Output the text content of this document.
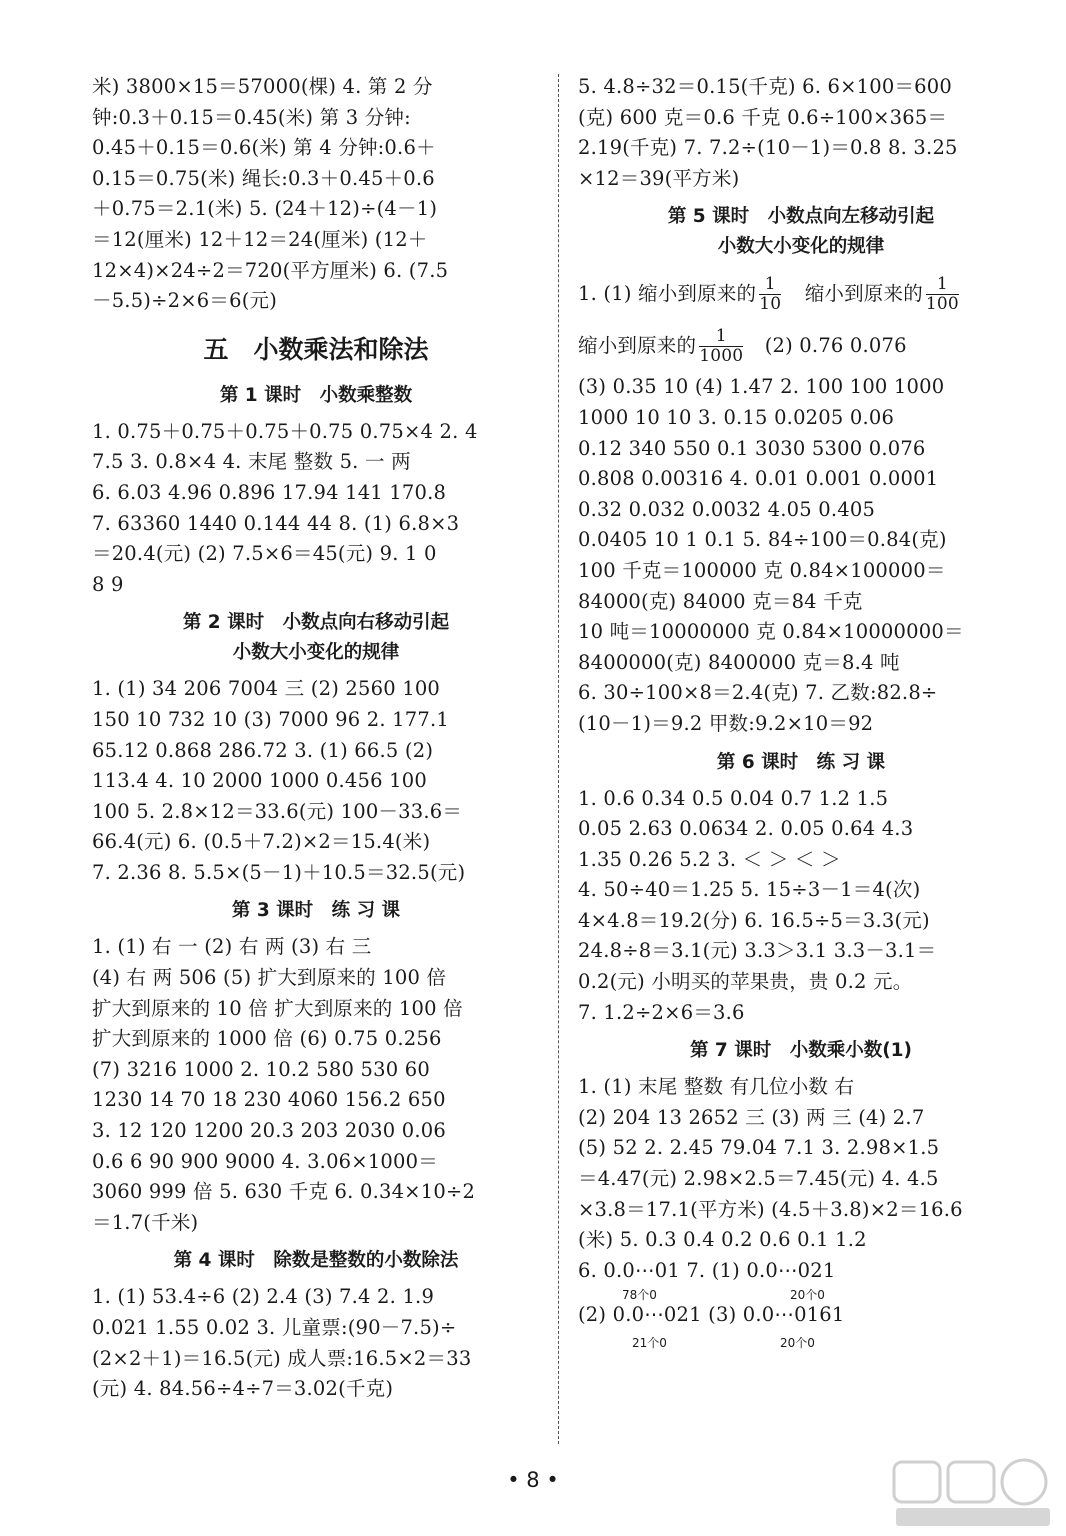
米) 3800×15＝57000(棵) 4. 第 2 分
钟:0.3＋0.15＝0.45(米) 第 3 分钟:
0.45＋0.15＝0.6(米) 第 4 分钟:0.6＋
0.15＝0.75(米) 绳长:0.3＋0.45＋0.6
＋0.75＝2.1(米) 5. (24＋12)÷(4－1)
＝12(厘米) 12＋12＝24(厘米) (12＋
12×4)×24÷2＝720(平方厘米) 6. (7.5
－5.5)÷2×6＝6(元)
五　小数乘法和除法
第 1 课时　小数乘整数
1. 0.75＋0.75＋0.75＋0.75 0.75×4 2. 4
7.5 3. 0.8×4 4. 末尾 整数 5. 一 两
6. 6.03 4.96 0.896 17.94 141 170.8
7. 63360 1440 0.144 44 8. (1) 6.8×3
＝20.4(元) (2) 7.5×6＝45(元) 9. 1 0
8 9
第 2 课时　小数点向右移动引起
小数大小变化的规律
1. (1) 34 206 7004 三 (2) 2560 100
150 10 732 10 (3) 7000 96 2. 177.1
65.12 0.868 286.72 3. (1) 66.5 (2)
113.4 4. 10 2000 1000 0.456 100
100 5. 2.8×12＝33.6(元) 100－33.6＝
66.4(元) 6. (0.5＋7.2)×2＝15.4(米)
7. 2.36 8. 5.5×(5－1)＋10.5＝32.5(元)
第 3 课时　练 习 课
1. (1) 右 一 (2) 右 两 (3) 右 三
(4) 右 两 506 (5) 扩大到原来的 100 倍
扩大到原来的 10 倍 扩大到原来的 100 倍
扩大到原来的 1000 倍 (6) 0.75 0.256
(7) 3216 1000 2. 10.2 580 530 60
1230 14 70 18 230 4060 156.2 650
3. 12 120 1200 20.3 203 2030 0.06
0.6 6 90 900 9000 4. 3.06×1000＝
3060 999 倍 5. 630 千克 6. 0.34×10÷2
＝1.7(千米)
第 4 课时　除数是整数的小数除法
1. (1) 53.4÷6 (2) 2.4 (3) 7.4 2. 1.9
0.021 1.55 0.02 3. 儿童票:(90－7.5)÷
(2×2＋1)＝16.5(元) 成人票:16.5×2＝33
(元) 4. 84.56÷4÷7＝3.02(千克)
5. 4.8÷32＝0.15(千克) 6. 6×100＝600
(克) 600 克＝0.6 千克 0.6÷100×365＝
2.19(千克) 7. 7.2÷(10－1)＝0.8 8. 3.25
×12＝39(平方米)
第 5 课时　小数点向左移动引起
小数大小变化的规律
1. (1) 缩小到原来的 $\frac{1}{10}$ 缩小到原来的 $\frac{1}{100}$
缩小到原来的 $\frac{1}{1000} (2)$ 0.76 0.076
(3) 0.35 10 (4) 1.47 2. 100 100 1000
1000 10 10 3. 0.15 0.0205 0.06
0.12 340 550 0.1 3030 5300 0.076
0.808 0.00316 4. 0.01 0.001 0.0001
0.32 0.032 0.0032 4.05 0.405
0.0405 10 1 0.1 5. 84÷100＝0.84(克)
100 千克＝100000 克 0.84×100000＝
84000(克) 84000 克＝84 千克
10 吨＝10000000 克 0.84×10000000＝
8400000(克) 8400000 克＝8.4 吨
6. 30÷100×8＝2.4(克) 7. 乙数:82.8÷
(10－1)＝9.2 甲数:9.2×10＝92
第 6 课时　练 习 课
1. 0.6 0.34 0.5 0.04 0.7 1.2 1.5
0.05 2.63 0.0634 2. 0.05 0.64 4.3
1.35 0.26 5.2 3. ＜ ＞ ＜ ＞
4. 50÷40＝1.25 5. 15÷3－1＝4(次)
4×4.8＝19.2(分) 6. 16.5÷5＝3.3(元)
24.8÷8＝3.1(元) 3.3＞3.1 3.3－3.1＝
0.2(元) 小明买的苹果贵，贵 0.2 元。
7. 1.2÷2×6＝3.6
第 7 课时　小数乘小数(1)
1. (1) 末尾 整数 有几位小数 右
(2) 204 13 2652 三 (3) 两 三 (4) 2.7
(5) 52 2. 2.45 79.04 7.1 3. 2.98×1.5
＝4.47(元) 2.98×2.5＝7.45(元) 4. 4.5
×3.8＝17.1(平方米) (4.5＋3.8)×2＝16.6
(米) 5. 0.3 0.4 0.2 0.6 0.1 1.2
6. 0.0⋯01 7. (1) 0.0⋯021
78个0	20个0
(2) 0.0⋯021 (3) 0.0⋯0161
21个0	20个0
• 8 •
